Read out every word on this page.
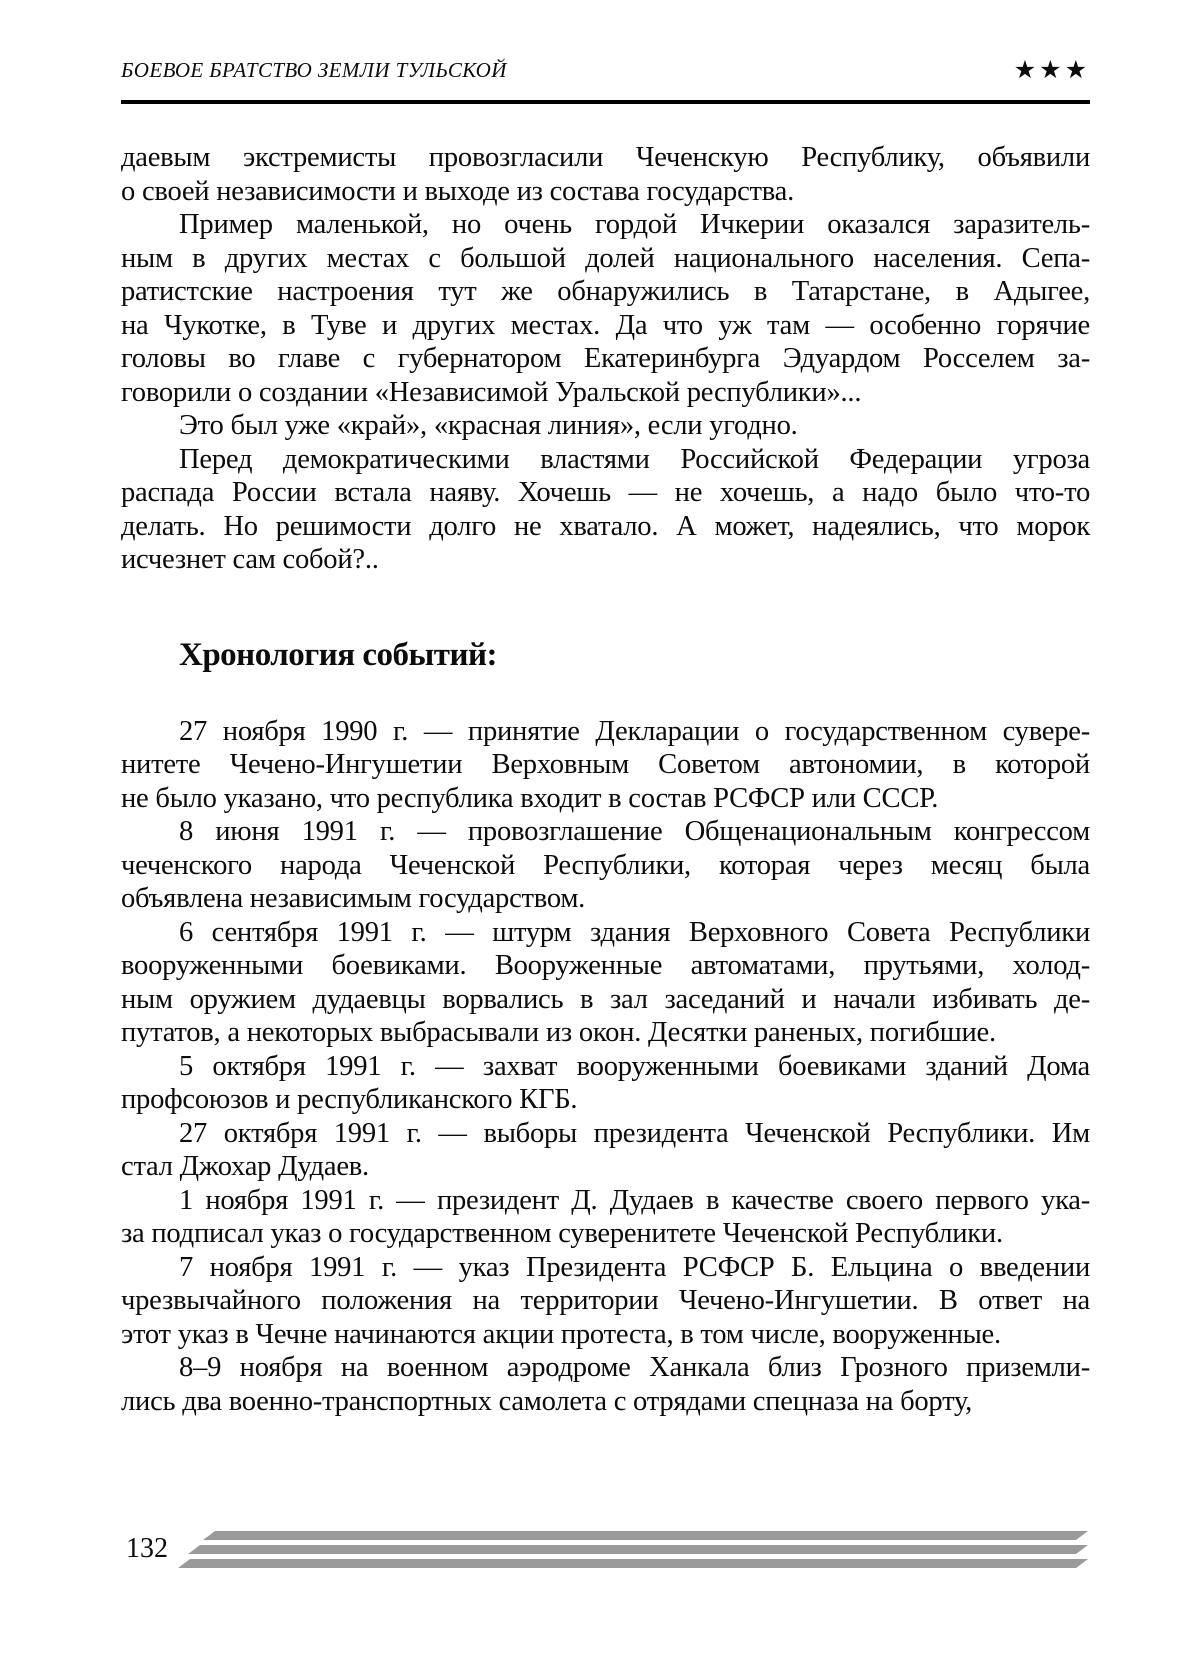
БОЕВОЕ БРАТСТВО ЗЕМЛИ ТУЛЬСКОЙ	★★★
даевым экстремисты провозгласили Чеченскую Республику, объявили
о своей независимости и выходе из состава государства.
Пример маленькой, но очень гордой Ичкерии оказался заразитель-
ным в других местах с большой долей национального населения. Сепа-
ратистские настроения тут же обнаружились в Татарстане, в Адыгее,
на Чукотке, в Туве и других местах. Да что уж там — особенно горячие
головы во главе с губернатором Екатеринбурга Эдуардом Росселем за-
говорили о создании «Независимой Уральской республики»...
Это был уже «край», «красная линия», если угодно.
Перед демократическими властями Российской Федерации угроза
распада России встала наяву. Хочешь — не хочешь, а надо было что-то
делать. Но решимости долго не хватало. А может, надеялись, что морок
исчезнет сам собой?..
Хронология событий:
27 ноября 1990 г. — принятие Декларации о государственном сувере-
нитете Чечено-Ингушетии Верховным Советом автономии, в которой
не было указано, что республика входит в состав РСФСР или СССР.
8 июня 1991 г. — провозглашение Общенациональным конгрессом
чеченского народа Чеченской Республики, которая через месяц была
объявлена независимым государством.
6 сентября 1991 г. — штурм здания Верховного Совета Республики
вооруженными боевиками. Вооруженные автоматами, прутьями, холод-
ным оружием дудаевцы ворвались в зал заседаний и начали избивать де-
путатов, а некоторых выбрасывали из окон. Десятки раненых, погибшие.
5 октября 1991 г. — захват вооруженными боевиками зданий Дома
профсоюзов и республиканского КГБ.
27 октября 1991 г. — выборы президента Чеченской Республики. Им
стал Джохар Дудаев.
1 ноября 1991 г. — президент Д. Дудаев в качестве своего первого ука-
за подписал указ о государственном суверенитете Чеченской Республики.
7 ноября 1991 г. — указ Президента РСФСР Б. Ельцина о введении
чрезвычайного положения на территории Чечено-Ингушетии. В ответ на
этот указ в Чечне начинаются акции протеста, в том числе, вооруженные.
8–9 ноября на военном аэродроме Ханкала близ Грозного приземли-
лись два военно-транспортных самолета с отрядами спецназа на борту,
132
